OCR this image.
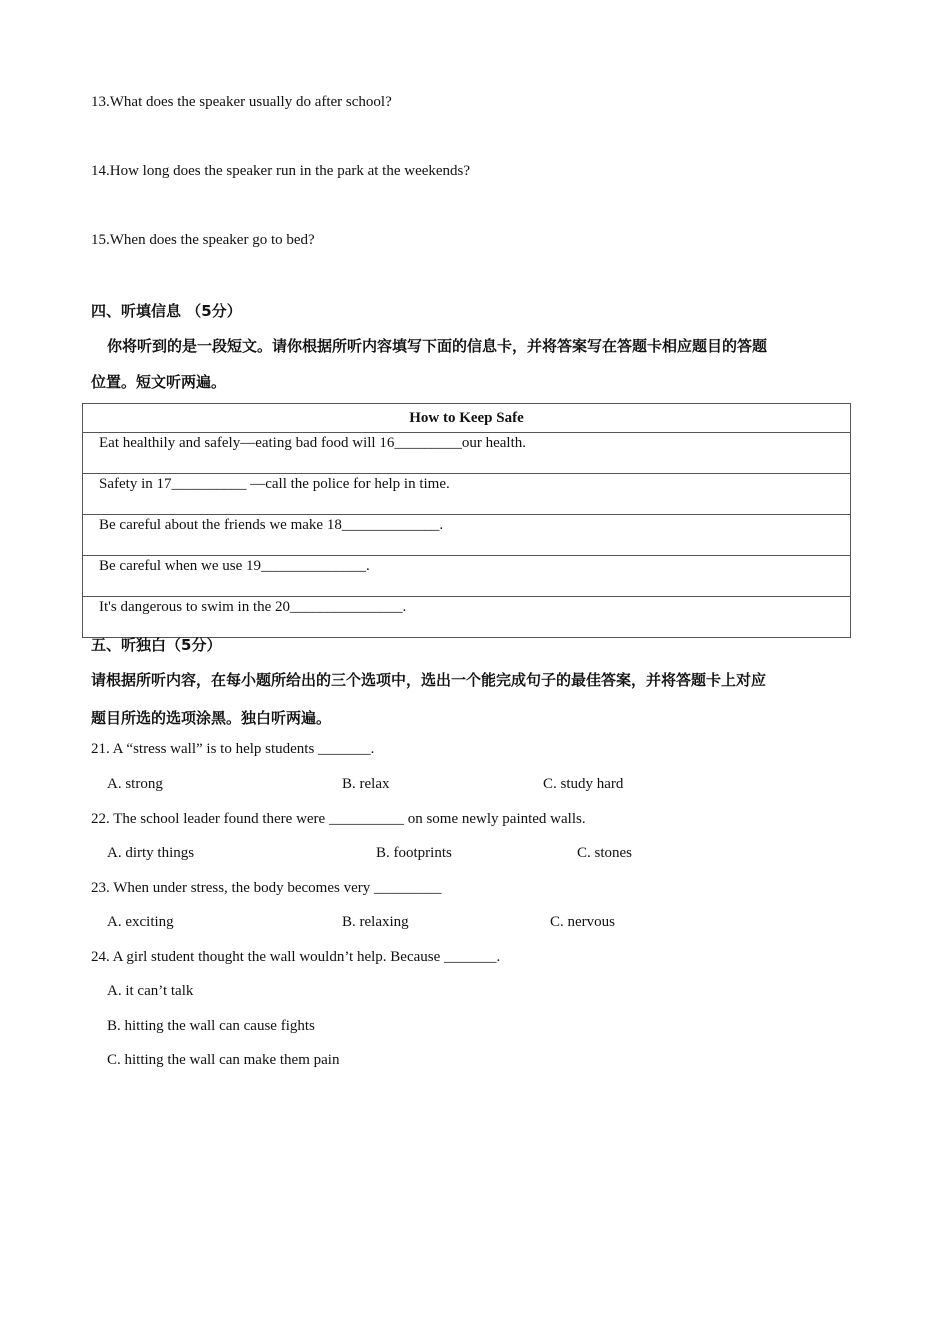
13.What does the speaker usually do after school?
14.How long does the speaker run in the park at the weekends?
15.When does the speaker go to bed?
四、听填信息 （5分）
你将听到的是一段短文。请你根据所听内容填写下面的信息卡，并将答案写在答题卡相应题目的答题
位置。短文听两遍。
How to Keep Safe
Eat healthily and safely—eating bad food will 16_________our health.
Safety in 17__________ —call the police for help in time.
Be careful about the friends we make 18_____________.
Be careful when we use 19______________.
It's dangerous to swim in the 20_______________.
五、听独白（5分）
请根据所听内容，在每小题所给出的三个选项中，选出一个能完成句子的最佳答案，并将答题卡上对应
题目所选的选项涂黑。独白听两遍。
21. A “stress wall” is to help students _______.
A. strong	B. relax	C. study hard
22. The school leader found there were __________ on some newly painted walls.
A. dirty things	B. footprints	C. stones
23. When under stress, the body becomes very _________
A. exciting	B. relaxing	C. nervous
24. A girl student thought the wall wouldn’t help. Because _______.
A. it can’t talk
B. hitting the wall can cause fights
C. hitting the wall can make them pain
